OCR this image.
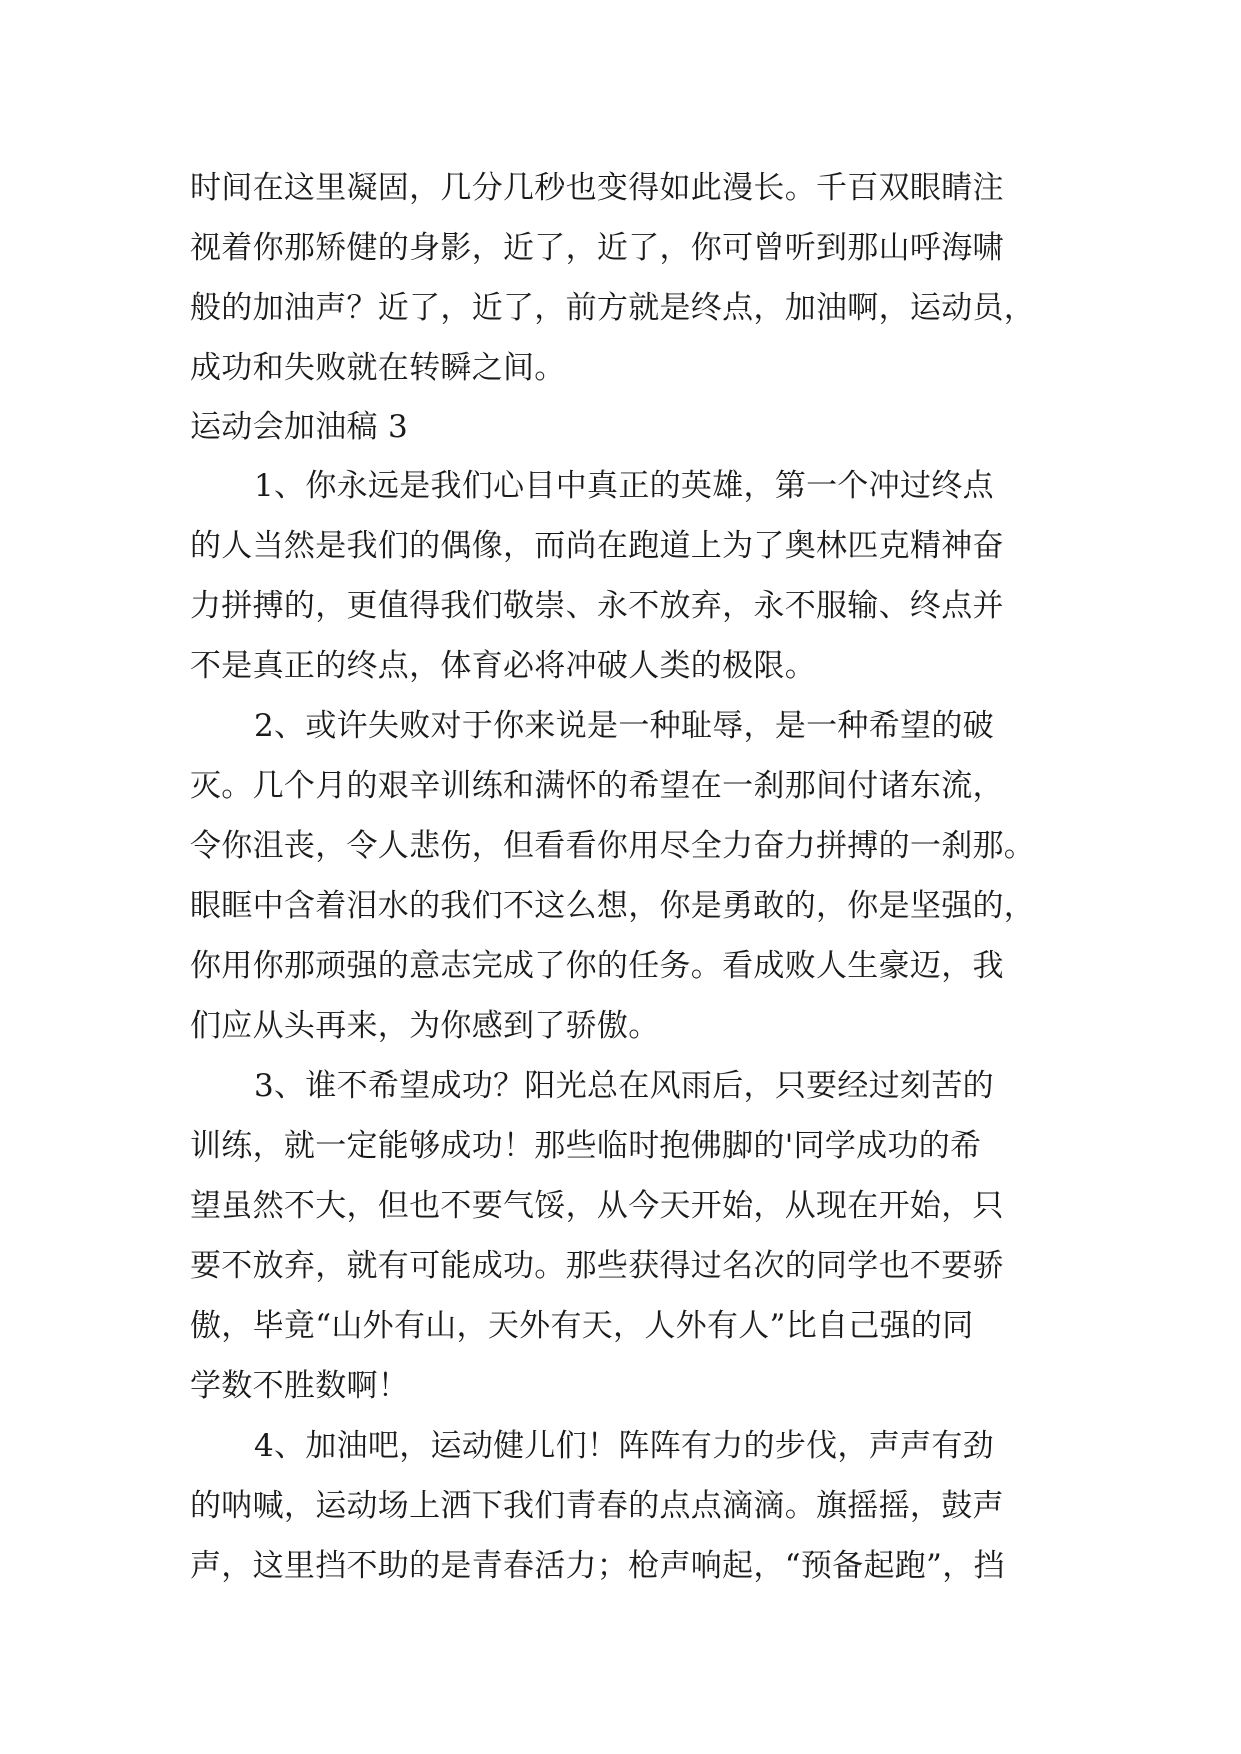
时间在这里凝固，几分几秒也变得如此漫长。千百双眼睛注
视着你那矫健的身影，近了，近了，你可曾听到那山呼海啸
般的加油声？近了，近了，前方就是终点，加油啊，运动员，
成功和失败就在转瞬之间。
运动会加油稿 3
1、你永远是我们心目中真正的英雄，第一个冲过终点
的人当然是我们的偶像，而尚在跑道上为了奥林匹克精神奋
力拼搏的，更值得我们敬崇、永不放弃，永不服输、终点并
不是真正的终点，体育必将冲破人类的极限。
2、或许失败对于你来说是一种耻辱，是一种希望的破
灭。几个月的艰辛训练和满怀的希望在一刹那间付诸东流，
令你沮丧，令人悲伤，但看看你用尽全力奋力拼搏的一刹那。
眼眶中含着泪水的我们不这么想，你是勇敢的，你是坚强的，
你用你那顽强的意志完成了你的任务。看成败人生豪迈，我
们应从头再来，为你感到了骄傲。
3、谁不希望成功？阳光总在风雨后，只要经过刻苦的
训练，就一定能够成功！那些临时抱佛脚的'同学成功的希
望虽然不大，但也不要气馁，从今天开始，从现在开始，只
要不放弃，就有可能成功。那些获得过名次的同学也不要骄
傲，毕竟“山外有山，天外有天，人外有人”比自己强的同
学数不胜数啊！
4、加油吧，运动健儿们！阵阵有力的步伐，声声有劲
的呐喊，运动场上洒下我们青春的点点滴滴。旗摇摇，鼓声
声，这里挡不助的是青春活力；枪声响起，“预备起跑”，挡
